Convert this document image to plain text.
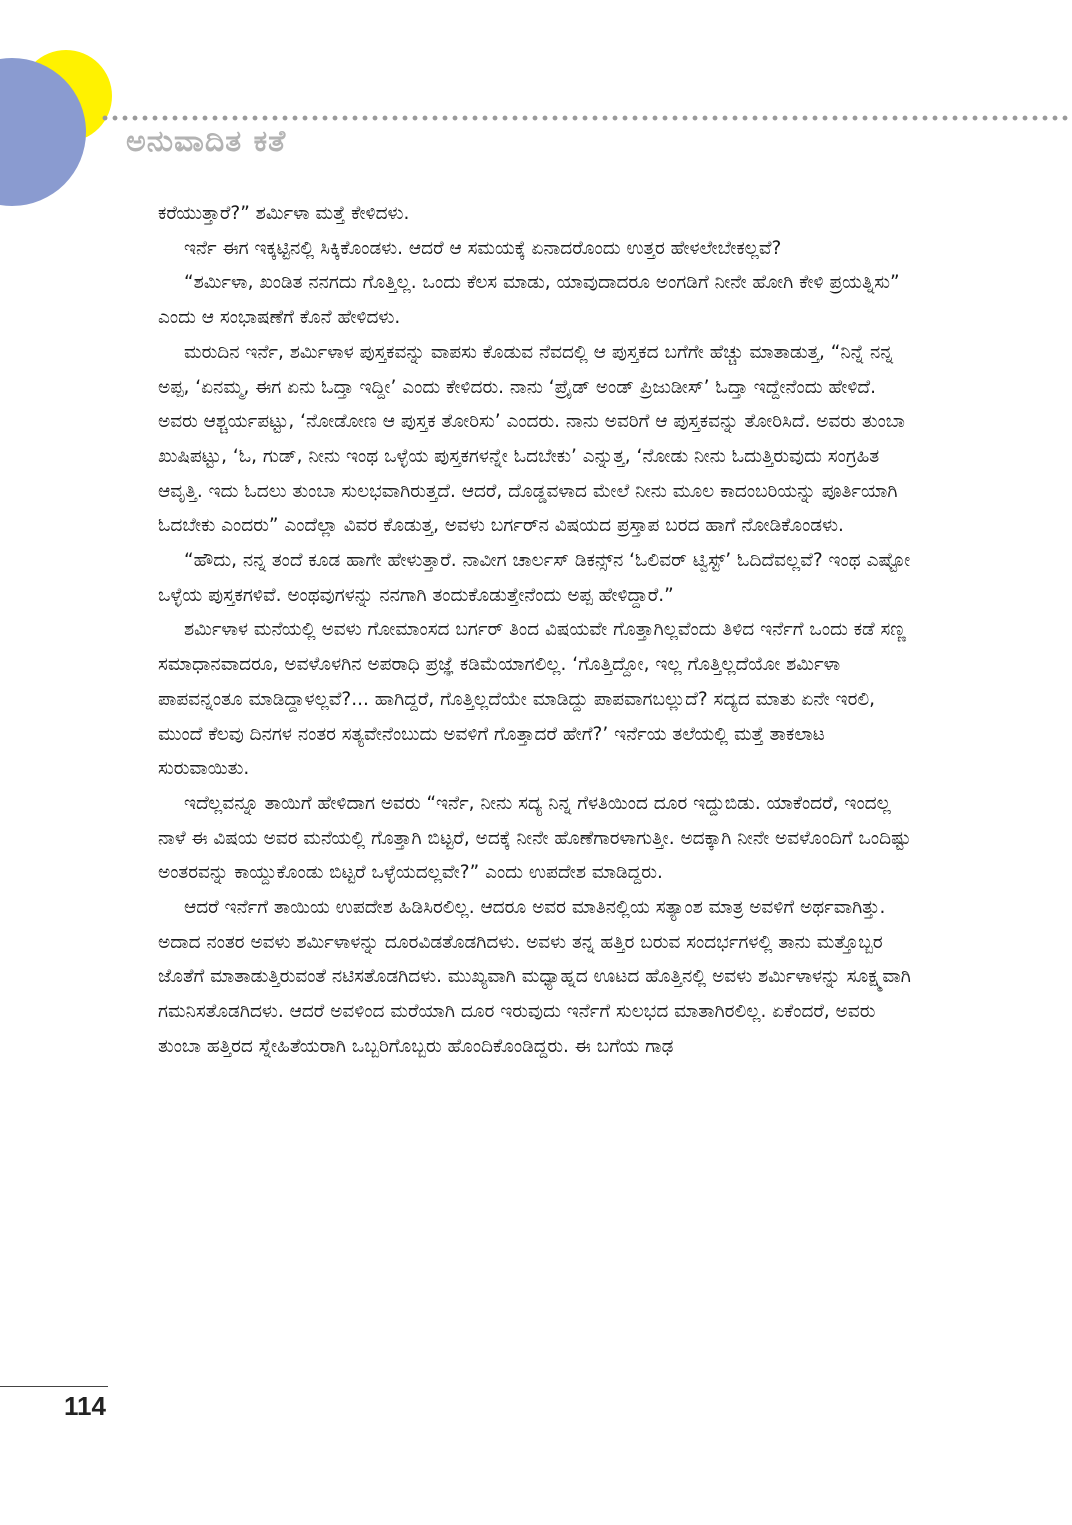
ಅನುವಾದಿತ ಕತೆ

ಕರೆಯುತ್ತಾರೆ?” ಶರ್ಮಿಳಾ ಮತ್ತೆ ಕೇಳಿದಳು.

ಇರ್ನೆ ಈಗ ಇಕ್ಕಟ್ಟಿನಲ್ಲಿ ಸಿಕ್ಕಿಕೊಂಡಳು. ಆದರೆ ಆ ಸಮಯಕ್ಕೆ ಏನಾದರೊಂದು ಉತ್ತರ ಹೇಳಲೇಬೇಕಲ್ಲವೆ?

“ಶರ್ಮಿಳಾ, ಖಂಡಿತ ನನಗದು ಗೊತ್ತಿಲ್ಲ. ಒಂದು ಕೆಲಸ ಮಾಡು, ಯಾವುದಾದರೂ ಅಂಗಡಿಗೆ ನೀನೇ ಹೋಗಿ ಕೇಳಿ ಪ್ರಯತ್ನಿಸು” ಎಂದು ಆ ಸಂಭಾಷಣೆಗೆ ಕೊನೆ ಹೇಳಿದಳು.

ಮರುದಿನ ಇರ್ನೆ, ಶರ್ಮಿಳಾಳ ಪುಸ್ತಕವನ್ನು ವಾಪಸು ಕೊಡುವ ನೆವದಲ್ಲಿ ಆ ಪುಸ್ತಕದ ಬಗೆಗೇ ಹೆಚ್ಚು ಮಾತಾಡುತ್ತ, “ನಿನ್ನೆ ನನ್ನ ಅಪ್ಪ, ‘ಏನಮ್ಮ, ಈಗ ಏನು ಓದ್ತಾ ಇದ್ದೀ’ ಎಂದು ಕೇಳಿದರು. ನಾನು ‘ಪ್ರೈಡ್ ಅಂಡ್ ಪ್ರಿಜುಡೀಸ್’ ಓದ್ತಾ ಇದ್ದೇನೆಂದು ಹೇಳಿದೆ. ಅವರು ಆಶ್ಚರ್ಯಪಟ್ಟು, ‘ನೋಡೋಣ ಆ ಪುಸ್ತಕ ತೋರಿಸು’ ಎಂದರು. ನಾನು ಅವರಿಗೆ ಆ ಪುಸ್ತಕವನ್ನು ತೋರಿಸಿದೆ. ಅವರು ತುಂಬಾ ಖುಷಿಪಟ್ಟು, ‘ಓ, ಗುಡ್, ನೀನು ಇಂಥ ಒಳ್ಳೆಯ ಪುಸ್ತಕಗಳನ್ನೇ ಓದಬೇಕು’ ಎನ್ನುತ್ತ, ‘ನೋಡು ನೀನು ಓದುತ್ತಿರುವುದು ಸಂಗ್ರಹಿತ ಆವೃತ್ತಿ. ಇದು ಓದಲು ತುಂಬಾ ಸುಲಭವಾಗಿರುತ್ತದೆ. ಆದರೆ, ದೊಡ್ಡವಳಾದ ಮೇಲೆ ನೀನು ಮೂಲ ಕಾದಂಬರಿಯನ್ನು ಪೂರ್ತಿಯಾಗಿ ಓದಬೇಕು ಎಂದರು” ಎಂದೆಲ್ಲಾ ವಿವರ ಕೊಡುತ್ತ, ಅವಳು ಬರ್ಗರ್‌ನ ವಿಷಯದ ಪ್ರಸ್ತಾಪ ಬರದ ಹಾಗೆ ನೋಡಿಕೊಂಡಳು.

“ಹೌದು, ನನ್ನ ತಂದೆ ಕೂಡ ಹಾಗೇ ಹೇಳುತ್ತಾರೆ. ನಾವೀಗ ಚಾರ್ಲಸ್ ಡಿಕನ್ಸ್‌ನ ‘ಓಲಿವರ್ ಟ್ವಿಸ್ಟ್’ ಓದಿದೆವಲ್ಲವೆ? ಇಂಥ ಎಷ್ಟೋ ಒಳ್ಳೆಯ ಪುಸ್ತಕಗಳಿವೆ. ಅಂಥವುಗಳನ್ನು ನನಗಾಗಿ ತಂದುಕೊಡುತ್ತೇನೆಂದು ಅಪ್ಪ ಹೇಳಿದ್ದಾರೆ.”

ಶರ್ಮಿಳಾಳ ಮನೆಯಲ್ಲಿ ಅವಳು ಗೋಮಾಂಸದ ಬರ್ಗರ್ ತಿಂದ ವಿಷಯವೇ ಗೊತ್ತಾಗಿಲ್ಲವೆಂದು ತಿಳಿದ ಇರ್ನೆಗೆ ಒಂದು ಕಡೆ ಸಣ್ಣ ಸಮಾಧಾನವಾದರೂ, ಅವಳೊಳಗಿನ ಅಪರಾಧಿ ಪ್ರಜ್ಞೆ ಕಡಿಮೆಯಾಗಲಿಲ್ಲ. ‘ಗೊತ್ತಿದ್ದೋ, ಇಲ್ಲ ಗೊತ್ತಿಲ್ಲದೆಯೋ ಶರ್ಮಿಳಾ ಪಾಪವನ್ನಂತೂ ಮಾಡಿದ್ದಾಳಲ್ಲವೆ?... ಹಾಗಿದ್ದರೆ, ಗೊತ್ತಿಲ್ಲದೆಯೇ ಮಾಡಿದ್ದು ಪಾಪವಾಗಬಲ್ಲುದೆ? ಸದ್ಯದ ಮಾತು ಏನೇ ಇರಲಿ, ಮುಂದೆ ಕೆಲವು ದಿನಗಳ ನಂತರ ಸತ್ಯವೇನೆಂಬುದು ಅವಳಿಗೆ ಗೊತ್ತಾದರೆ ಹೇಗೆ?’ ಇರ್ನೆಯ ತಲೆಯಲ್ಲಿ ಮತ್ತೆ ತಾಕಲಾಟ ಸುರುವಾಯಿತು.

ಇದೆಲ್ಲವನ್ನೂ ತಾಯಿಗೆ ಹೇಳಿದಾಗ ಅವರು “ಇರ್ನೆ, ನೀನು ಸದ್ಯ ನಿನ್ನ ಗೆಳತಿಯಿಂದ ದೂರ ಇದ್ದುಬಿಡು. ಯಾಕೆಂದರೆ, ಇಂದಲ್ಲ ನಾಳೆ ಈ ವಿಷಯ ಅವರ ಮನೆಯಲ್ಲಿ ಗೊತ್ತಾಗಿ ಬಿಟ್ಟರೆ, ಅದಕ್ಕೆ ನೀನೇ ಹೊಣೆಗಾರಳಾಗುತ್ತೀ. ಅದಕ್ಕಾಗಿ ನೀನೇ ಅವಳೊಂದಿಗೆ ಒಂದಿಷ್ಟು ಅಂತರವನ್ನು ಕಾಯ್ದುಕೊಂಡು ಬಿಟ್ಟರೆ ಒಳ್ಳೆಯದಲ್ಲವೇ?” ಎಂದು ಉಪದೇಶ ಮಾಡಿದ್ದರು.

ಆದರೆ ಇರ್ನೆಗೆ ತಾಯಿಯ ಉಪದೇಶ ಹಿಡಿಸಿರಲಿಲ್ಲ. ಆದರೂ ಅವರ ಮಾತಿನಲ್ಲಿಯ ಸತ್ಯಾಂಶ ಮಾತ್ರ ಅವಳಿಗೆ ಅರ್ಥವಾಗಿತ್ತು. ಅದಾದ ನಂತರ ಅವಳು ಶರ್ಮಿಳಾಳನ್ನು ದೂರವಿಡತೊಡಗಿದಳು. ಅವಳು ತನ್ನ ಹತ್ತಿರ ಬರುವ ಸಂದರ್ಭಗಳಲ್ಲಿ ತಾನು ಮತ್ತೊಬ್ಬರ ಜೊತೆಗೆ ಮಾತಾಡುತ್ತಿರುವಂತೆ ನಟಿಸತೊಡಗಿದಳು. ಮುಖ್ಯವಾಗಿ ಮಧ್ಯಾಹ್ನದ ಊಟದ ಹೊತ್ತಿನಲ್ಲಿ ಅವಳು ಶರ್ಮಿಳಾಳನ್ನು ಸೂಕ್ಷ್ಮವಾಗಿ ಗಮನಿಸತೊಡಗಿದಳು. ಆದರೆ ಅವಳಿಂದ ಮರೆಯಾಗಿ ದೂರ ಇರುವುದು ಇರ್ನೆಗೆ ಸುಲಭದ ಮಾತಾಗಿರಲಿಲ್ಲ. ಏಕೆಂದರೆ, ಅವರು ತುಂಬಾ ಹತ್ತಿರದ ಸ್ನೇಹಿತೆಯರಾಗಿ ಒಬ್ಬರಿಗೊಬ್ಬರು ಹೊಂದಿಕೊಂಡಿದ್ದರು. ಈ ಬಗೆಯ ಗಾಢ

114
